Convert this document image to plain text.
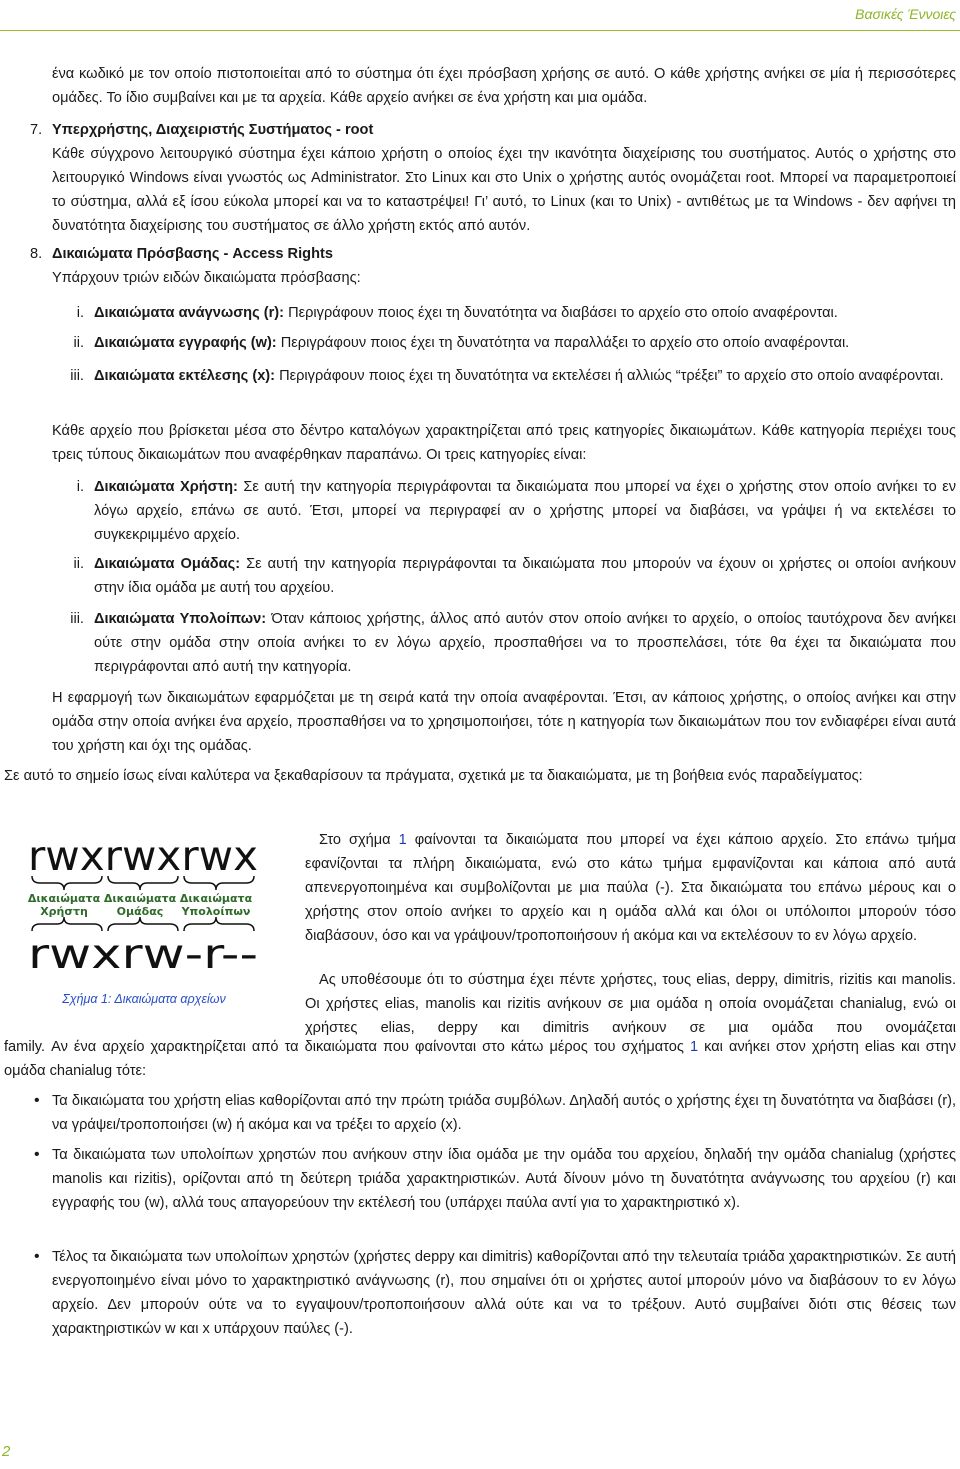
Βασικές Έννοιες
ένα κωδικό με τον οποίο πιστοποιείται από το σύστημα ότι έχει πρόσβαση χρήσης σε αυτό. Ο κάθε χρήστης ανήκει σε μία ή περισσότερες ομάδες. Το ίδιο συμβαίνει και με τα αρχεία. Κάθε αρχείο ανήκει σε ένα χρήστη και μια ομάδα.
7. Υπερχρήστης, Διαχειριστής Συστήματος - root
Κάθε σύγχρονο λειτουργικό σύστημα έχει κάποιο χρήστη ο οποίος έχει την ικανότητα διαχείρισης του συστήματος. Αυτός ο χρήστης στο λειτουργικό Windows είναι γνωστός ως Administrator. Στο Linux και στο Unix ο χρήστης αυτός ονομάζεται root. Μπορεί να παραμετροποιεί το σύστημα, αλλά εξ ίσου εύκολα μπορεί και να το καταστρέψει! Γι’ αυτό, το Linux (και το Unix) - αντιθέτως με τα Windows - δεν αφήνει τη δυνατότητα διαχείρισης του συστήματος σε άλλο χρήστη εκτός από αυτόν.
8. Δικαιώματα Πρόσβασης - Access Rights
Υπάρχουν τριών ειδών δικαιώματα πρόσβασης:
i. Δικαιώματα ανάγνωσης (r): Περιγράφουν ποιος έχει τη δυνατότητα να διαβάσει το αρχείο στο οποίο αναφέρονται.
ii. Δικαιώματα εγγραφής (w): Περιγράφουν ποιος έχει τη δυνατότητα να παραλλάξει το αρχείο στο οποίο αναφέρονται.
iii. Δικαιώματα εκτέλεσης (x): Περιγράφουν ποιος έχει τη δυνατότητα να εκτελέσει ή αλλιώς “τρέξει” το αρχείο στο οποίο αναφέρονται.
Κάθε αρχείο που βρίσκεται μέσα στο δέντρο καταλόγων χαρακτηρίζεται από τρεις κατηγορίες δικαιωμάτων. Κάθε κατηγορία περιέχει τους τρεις τύπους δικαιωμάτων που αναφέρθηκαν παραπάνω. Οι τρεις κατηγορίες είναι:
i. Δικαιώματα Χρήστη: Σε αυτή την κατηγορία περιγράφονται τα δικαιώματα που μπορεί να έχει ο χρήστης στον οποίο ανήκει το εν λόγω αρχείο, επάνω σε αυτό. Έτσι, μπορεί να περιγραφεί αν ο χρήστης μπορεί να διαβάσει, να γράψει ή να εκτελέσει το συγκεκριμμένο αρχείο.
ii. Δικαιώματα Ομάδας: Σε αυτή την κατηγορία περιγράφονται τα δικαιώματα που μπορούν να έχουν οι χρήστες οι οποίοι ανήκουν στην ίδια ομάδα με αυτή του αρχείου.
iii. Δικαιώματα Υπολοίπων: Όταν κάποιος χρήστης, άλλος από αυτόν στον οποίο ανήκει το αρχείο, ο οποίος ταυτόχρονα δεν ανήκει ούτε στην ομάδα στην οποία ανήκει το εν λόγω αρχείο, προσπαθήσει να το προσπελάσει, τότε θα έχει τα δικαιώματα που περιγράφονται από αυτή την κατηγορία.
Η εφαρμογή των δικαιωμάτων εφαρμόζεται με τη σειρά κατά την οποία αναφέρονται. Έτσι, αν κάποιος χρήστης, ο οποίος ανήκει και στην ομάδα στην οποία ανήκει ένα αρχείο, προσπαθήσει να το χρησιμοποιήσει, τότε η κατηγορία των δικαιωμάτων που τον ενδιαφέρει είναι αυτά του χρήστη και όχι της ομάδας.
Σε αυτό το σημείο ίσως είναι καλύτερα να ξεκαθαρίσουν τα πράγματα, σχετικά με τα διακαιώματα, με τη βοήθεια ενός παραδείγματος:
rwxrwxrwx
Δικαιώματα
Χρήστη
Δικαιώματα
Ομάδας
Δικαιώματα
Υπολοίπων
rwxrw-r--
Σχήμα 1: Δικαιώματα αρχείων
Στο σχήμα 1 φαίνονται τα δικαιώματα που μπορεί να έχει κάποιο αρχείο. Στο επάνω τμήμα εφανίζονται τα πλήρη δικαιώματα, ενώ στο κάτω τμήμα εμφανίζονται και κάποια από αυτά απενεργοποιημένα και συμβολίζονται με μια παύλα (-). Στα δικαιώματα του επάνω μέρους και ο χρήστης στον οποίο ανήκει το αρχείο και η ομάδα αλλά και όλοι οι υπόλοιποι μπορούν τόσο διαβάσουν, όσο και να γράψουν/τροποποιήσουν ή ακόμα και να εκτελέσουν το εν λόγω αρχείο.
Ας υποθέσουμε ότι το σύστημα έχει πέντε χρήστες, τους elias, deppy, dimitris, rizitis και manolis. Οι χρήστες elias, manolis και rizitis ανήκουν σε μια ομάδα η οποία ονομάζεται chanialug, ενώ οι χρήστες elias, deppy και dimitris ανήκουν σε μια ομάδα που ονομάζεται
family. Αν ένα αρχείο χαρακτηρίζεται από τα δικαιώματα που φαίνονται στο κάτω μέρος του σχήματος 1 και ανήκει στον χρήστη elias και στην ομάδα chanialug τότε:
• Τα δικαιώματα του χρήστη elias καθορίζονται από την πρώτη τριάδα συμβόλων. Δηλαδή αυτός ο χρήστης έχει τη δυνατότητα να διαβάσει (r), να γράψει/τροποποιήσει (w) ή ακόμα και να τρέξει το αρχείο (x).
• Τα δικαιώματα των υπολοίπων χρηστών που ανήκουν στην ίδια ομάδα με την ομάδα του αρχείου, δηλαδή την ομάδα chanialug (χρήστες manolis και rizitis), ορίζονται από τη δεύτερη τριάδα χαρακτηριστικών. Αυτά δίνουν μόνο τη δυνατότητα ανάγνωσης του αρχείου (r) και εγγραφής του (w), αλλά τους απαγορεύουν την εκτέλεσή του (υπάρχει παύλα αντί για το χαρακτηριστικό x).
• Τέλος τα δικαιώματα των υπολοίπων χρηστών (χρήστες deppy και dimitris) καθορίζονται από την τελευταία τριάδα χαρακτηριστικών. Σε αυτή ενεργοποιημένο είναι μόνο το χαρακτηριστικό ανάγνωσης (r), που σημαίνει ότι οι χρήστες αυτοί μπορούν μόνο να διαβάσουν το εν λόγω αρχείο. Δεν μπορούν ούτε να το εγγαψουν/τροποποιήσουν αλλά ούτε και να το τρέξουν. Αυτό συμβαίνει διότι στις θέσεις των χαρακτηριστικών w και x υπάρχουν παύλες (-).
2
